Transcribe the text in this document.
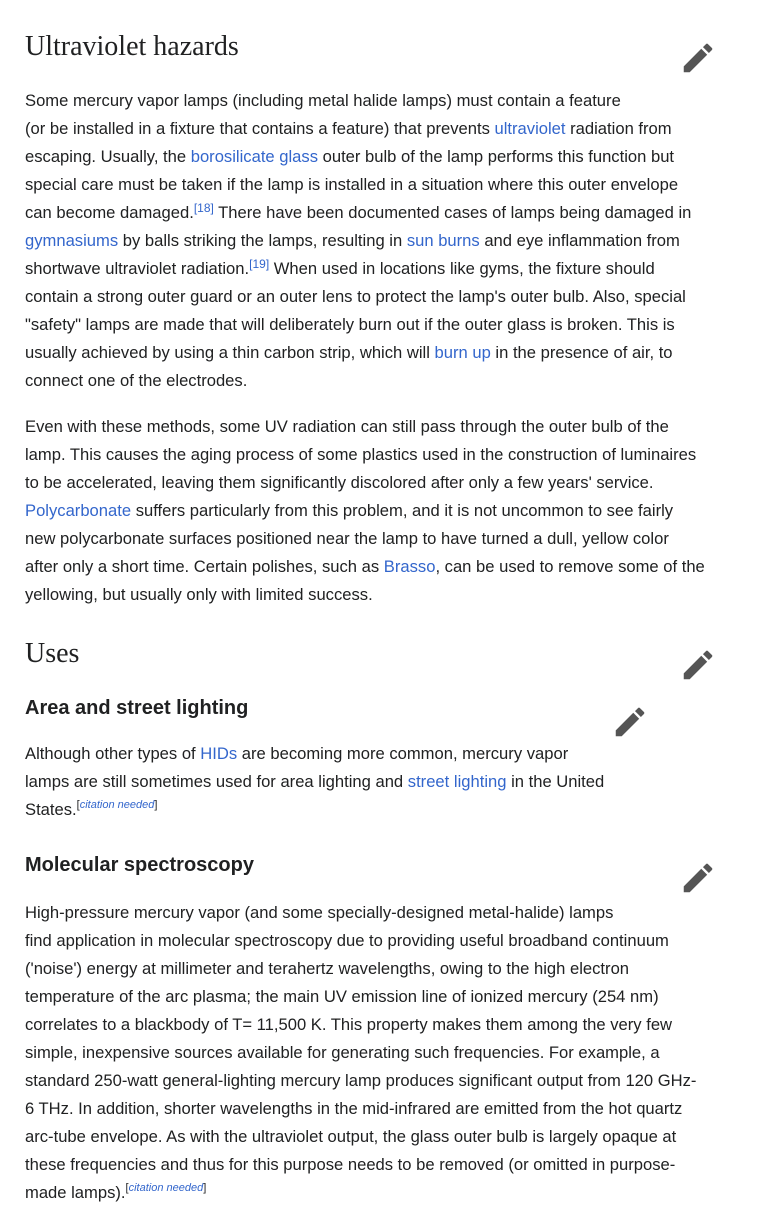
Ultraviolet hazards

Some mercury vapor lamps (including metal halide lamps) must contain a feature
(or be installed in a fixture that contains a feature) that prevents ultraviolet radiation from
escaping. Usually, the borosilicate glass outer bulb of the lamp performs this function but
special care must be taken if the lamp is installed in a situation where this outer envelope
can become damaged.[18] There have been documented cases of lamps being damaged in
gymnasiums by balls striking the lamps, resulting in sun burns and eye inflammation from
shortwave ultraviolet radiation.[19] When used in locations like gyms, the fixture should
contain a strong outer guard or an outer lens to protect the lamp's outer bulb. Also, special
"safety" lamps are made that will deliberately burn out if the outer glass is broken. This is
usually achieved by using a thin carbon strip, which will burn up in the presence of air, to
connect one of the electrodes.

Even with these methods, some UV radiation can still pass through the outer bulb of the
lamp. This causes the aging process of some plastics used in the construction of luminaires
to be accelerated, leaving them significantly discolored after only a few years' service.
Polycarbonate suffers particularly from this problem, and it is not uncommon to see fairly
new polycarbonate surfaces positioned near the lamp to have turned a dull, yellow color
after only a short time. Certain polishes, such as Brasso, can be used to remove some of the
yellowing, but usually only with limited success.

Uses
Area and street lighting

Although other types of HIDs are becoming more common, mercury vapor
lamps are still sometimes used for area lighting and street lighting in the United
States.[citation needed]

Molecular spectroscopy

High-pressure mercury vapor (and some specially-designed metal-halide) lamps
find application in molecular spectroscopy due to providing useful broadband continuum
('noise') energy at millimeter and terahertz wavelengths, owing to the high electron
temperature of the arc plasma; the main UV emission line of ionized mercury (254 nm)
correlates to a blackbody of T= 11,500 K. This property makes them among the very few
simple, inexpensive sources available for generating such frequencies. For example, a
standard 250-watt general-lighting mercury lamp produces significant output from 120 GHz-
6 THz. In addition, shorter wavelengths in the mid-infrared are emitted from the hot quartz
arc-tube envelope. As with the ultraviolet output, the glass outer bulb is largely opaque at
these frequencies and thus for this purpose needs to be removed (or omitted in purpose-
made lamps).[citation needed]
